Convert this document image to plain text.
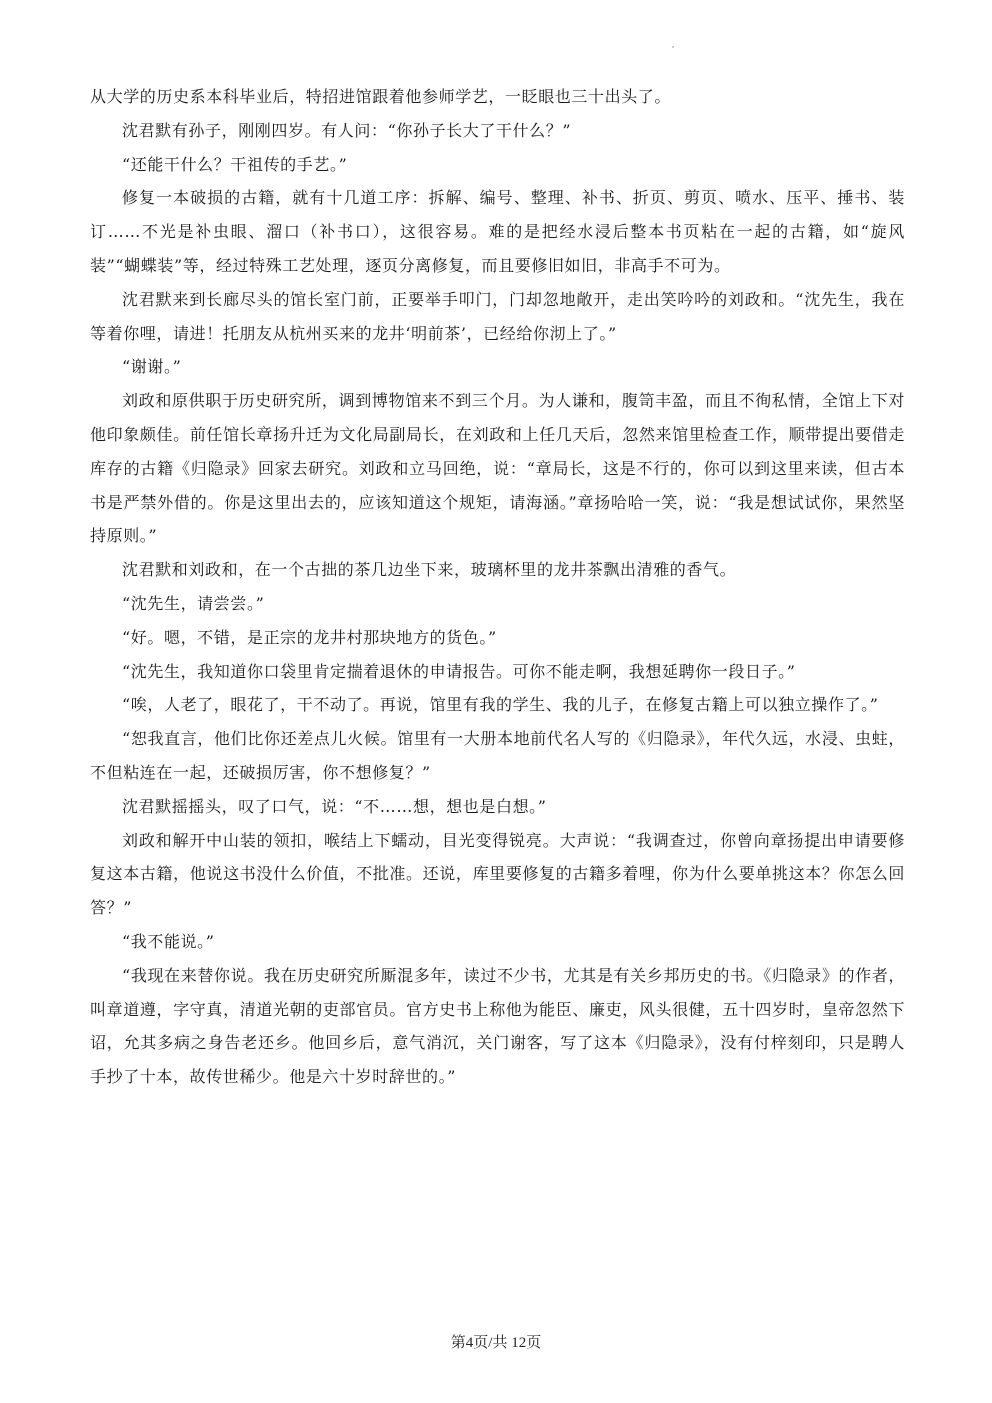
从大学的历史系本科毕业后，特招进馆跟着他参师学艺，一眨眼也三十出头了。

沈君默有孙子，刚刚四岁。有人问：“你孙子长大了干什么？”

“还能干什么？干祖传的手艺。”

修复一本破损的古籍，就有十几道工序：拆解、编号、整理、补书、折页、剪页、喷水、压平、捶书、装订……不光是补虫眼、溜口（补书口），这很容易。难的是把经水浸后整本书页粘在一起的古籍，如“旋风装”“蝴蝶装”等，经过特殊工艺处理，逐页分离修复，而且要修旧如旧，非高手不可为。

沈君默来到长廊尽头的馆长室门前，正要举手叩门，门却忽地敞开，走出笑吟吟的刘政和。“沈先生，我在等着你哩，请进！托朋友从杭州买来的龙井‘明前茶’，已经给你沏上了。”

“谢谢。”

刘政和原供职于历史研究所，调到博物馆来不到三个月。为人谦和，腹笥丰盈，而且不徇私情，全馆上下对他印象颇佳。前任馆长章扬升迁为文化局副局长，在刘政和上任几天后，忽然来馆里检查工作，顺带提出要借走库存的古籍《归隐录》回家去研究。刘政和立马回绝，说：“章局长，这是不行的，你可以到这里来读，但古本书是严禁外借的。你是这里出去的，应该知道这个规矩，请海涵。”章扬哈哈一笑，说：“我是想试试你，果然坚持原则。”

沈君默和刘政和，在一个古拙的茶几边坐下来，玻璃杯里的龙井茶飘出清雅的香气。

“沈先生，请尝尝。”

“好。嗯，不错，是正宗的龙井村那块地方的货色。”

“沈先生，我知道你口袋里肯定揣着退休的申请报告。可你不能走啊，我想延聘你一段日子。”

“唉，人老了，眼花了，干不动了。再说，馆里有我的学生、我的儿子，在修复古籍上可以独立操作了。”

“恕我直言，他们比你还差点儿火候。馆里有一大册本地前代名人写的《归隐录》，年代久远，水浸、虫蛀，不但粘连在一起，还破损厉害，你不想修复？”

沈君默摇摇头，叹了口气，说：“不……想，想也是白想。”

刘政和解开中山装的领扣，喉结上下蠕动，目光变得锐亮。大声说：“我调查过，你曾向章扬提出申请要修复这本古籍，他说这书没什么价值，不批准。还说，库里要修复的古籍多着哩，你为什么要单挑这本？你怎么回答？”

“我不能说。”

“我现在来替你说。我在历史研究所厮混多年，读过不少书，尤其是有关乡邦历史的书。《归隐录》的作者，叫章道遵，字守真，清道光朝的吏部官员。官方史书上称他为能臣、廉吏，风头很健，五十四岁时，皇帝忽然下诏，允其多病之身告老还乡。他回乡后，意气消沉，关门谢客，写了这本《归隐录》，没有付梓刻印，只是聘人手抄了十本，故传世稀少。他是六十岁时辞世的。”

第4页/共 12页
